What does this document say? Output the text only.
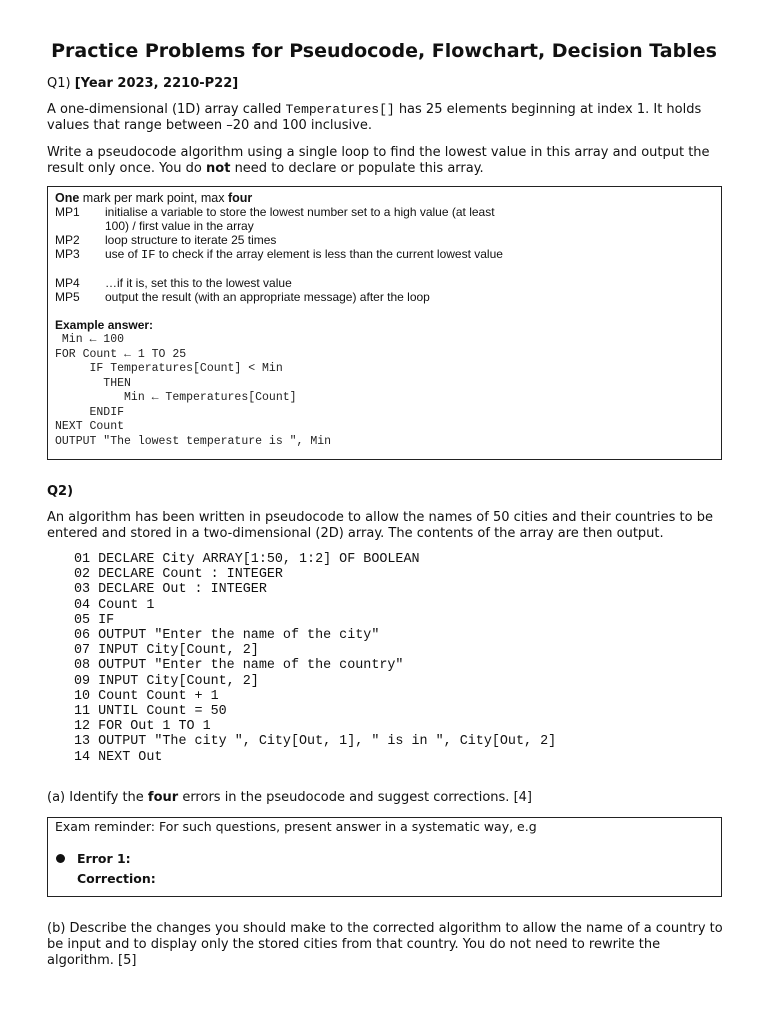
Practice Problems for Pseudocode, Flowchart, Decision Tables

Q1) [Year 2023, 2210-P22]

A one-dimensional (1D) array called Temperatures[] has 25 elements beginning at index 1. It holds values that range between –20 and 100 inclusive.

Write a pseudocode algorithm using a single loop to find the lowest value in this array and output the result only once. You do not need to declare or populate this array.

One mark per mark point, max four
MP1 initialise a variable to store the lowest number set to a high value (at least 100) / first value in the array
MP2 loop structure to iterate 25 times
MP3 use of IF to check if the array element is less than the current lowest value
MP4 …if it is, set this to the lowest value
MP5 output the result (with an appropriate message) after the loop
Example answer:
Min ← 100
FOR Count ← 1 TO 25
IF Temperatures[Count] < Min
THEN
Min ← Temperatures[Count]
ENDIF
NEXT Count
OUTPUT "The lowest temperature is ", Min

Q2)

An algorithm has been written in pseudocode to allow the names of 50 cities and their countries to be entered and stored in a two-dimensional (2D) array. The contents of the array are then output.

01 DECLARE City ARRAY[1:50, 1:2] OF BOOLEAN
02 DECLARE Count : INTEGER
03 DECLARE Out : INTEGER
04 Count 1
05 IF
06 OUTPUT "Enter the name of the city"
07 INPUT City[Count, 2]
08 OUTPUT "Enter the name of the country"
09 INPUT City[Count, 2]
10 Count Count + 1
11 UNTIL Count = 50
12 FOR Out 1 TO 1
13 OUTPUT "The city ", City[Out, 1], " is in ", City[Out, 2]
14 NEXT Out

(a) Identify the four errors in the pseudocode and suggest corrections. [4]

Exam reminder: For such questions, present answer in a systematic way, e.g
Error 1:
Correction:

(b) Describe the changes you should make to the corrected algorithm to allow the name of a country to be input and to display only the stored cities from that country. You do not need to rewrite the algorithm. [5]
